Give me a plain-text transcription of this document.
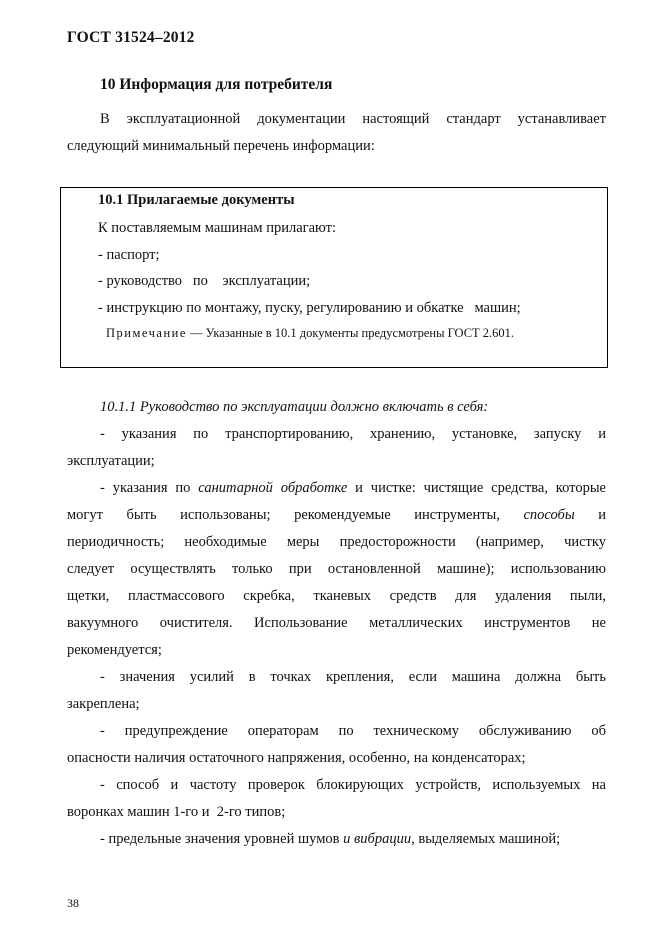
ГОСТ 31524–2012
10 Информация для потребителя
В эксплуатационной документации настоящий стандарт устанавливает
следующий минимальный перечень информации:
10.1 Прилагаемые документы
К поставляемым машинам прилагают:
- паспорт;
- руководство   по    эксплуатации;
- инструкцию по монтажу, пуску, регулированию и обкатке   машин;
Примечание — Указанные в 10.1 документы предусмотрены ГОСТ 2.601.
10.1.1 Руководство по эксплуатации должно включать в себя:
- указания по транспортированию, хранению, установке, запуску и
эксплуатации;
- указания по санитарной обработке и чистке: чистящие средства, которые
могут быть использованы; рекомендуемые инструменты, способы и
периодичность; необходимые меры предосторожности (например, чистку
следует осуществлять только при остановленной машине); использованию
щетки, пластмассового скребка, тканевых средств для удаления пыли,
вакуумного очистителя. Использование металлических инструментов не
рекомендуется;
- значения усилий в точках крепления, если машина должна быть
закреплена;
- предупреждение операторам по техническому обслуживанию об
опасности наличия остаточного напряжения, особенно, на конденсаторах;
- способ и частоту проверок блокирующих устройств, используемых на
воронках машин 1-го и  2-го типов;
- предельные значения уровней шумов и вибрации, выделяемых машиной;
38
